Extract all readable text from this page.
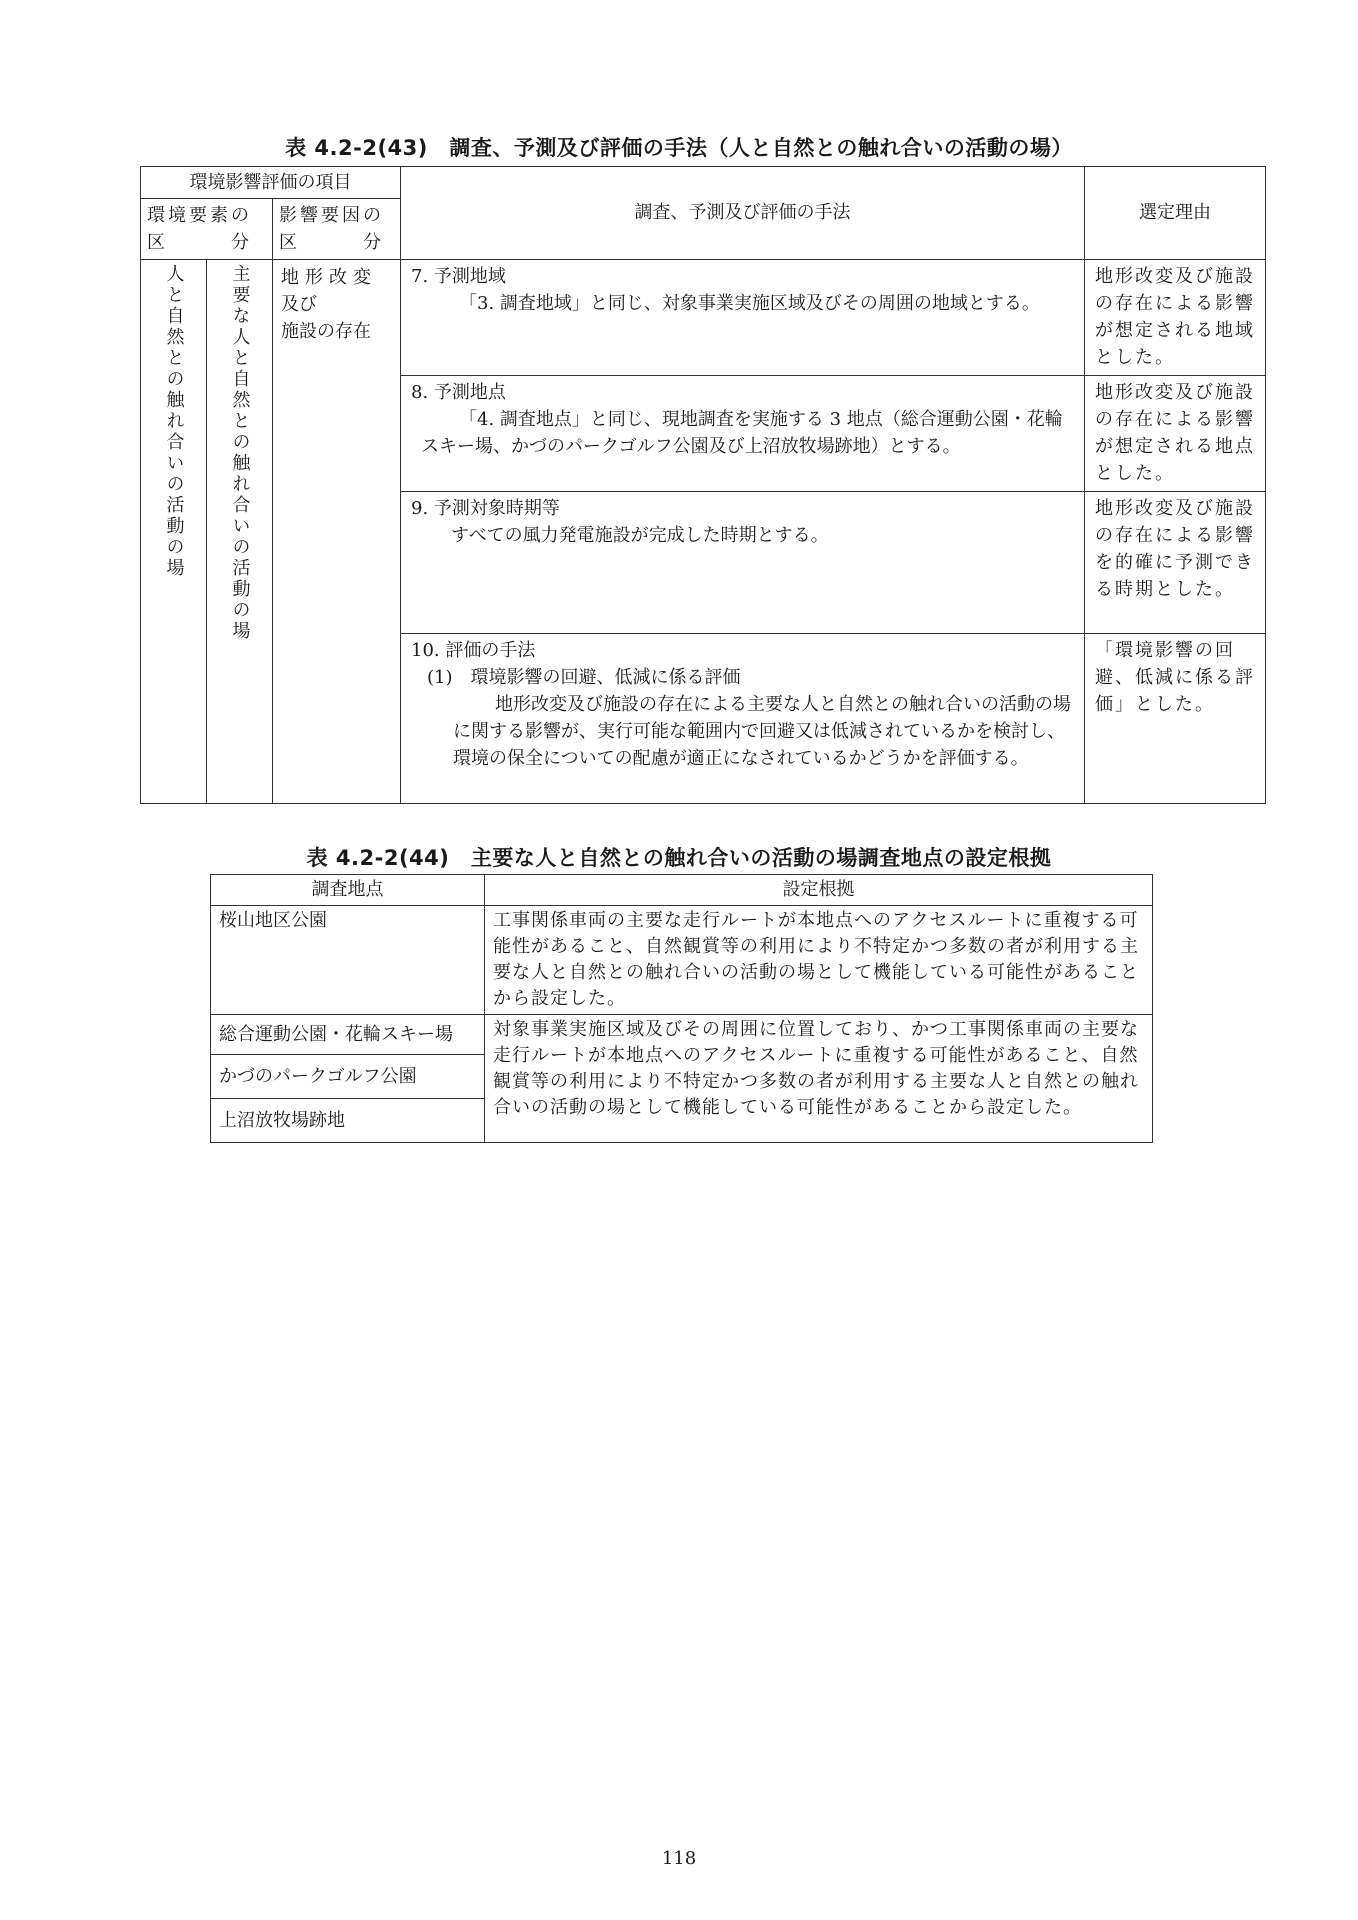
表 4.2-2(43)　調査、予測及び評価の手法（人と自然との触れ合いの活動の場）
環境影響評価の項目			調査、予測及び評価の手法	選定理由

環境要素の
区　　　分		影響要因の
区　　　分		

人と自然との触れ合いの活動の場	主要な人と自然との触れ合いの活動の場	地形改変
及び
施設の存在	7. 予測地域
「3. 調査地域」と同じ、対象事業実施区域及びその周囲の地域とする。	地形改変及び施設の存在による影響が想定される地域とした。

			8. 予測地点
「4. 調査地点」と同じ、現地調査を実施する 3 地点（総合運動公園・花輪スキー場、かづのパークゴルフ公園及び上沼放牧場跡地）とする。	地形改変及び施設の存在による影響が想定される地点とした。

			9. 予測対象時期等
すべての風力発電施設が完成した時期とする。	地形改変及び施設の存在による影響を的確に予測できる時期とした。

			10. 評価の手法
(1)　環境影響の回避、低減に係る評価
地形改変及び施設の存在による主要な人と自然との触れ合いの活動の場に関する影響が、実行可能な範囲内で回避又は低減されているかを検討し、環境の保全についての配慮が適正になされているかどうかを評価する。	「環境影響の回避、低減に係る評価」とした。
表 4.2-2(44)　主要な人と自然との触れ合いの活動の場調査地点の設定根拠
調査地点	設定根拠
桜山地区公園	工事関係車両の主要な走行ルートが本地点へのアクセスルートに重複する可能性があること、自然観賞等の利用により不特定かつ多数の者が利用する主要な人と自然との触れ合いの活動の場として機能している可能性があることから設定した。
総合運動公園・花輪スキー場	対象事業実施区域及びその周囲に位置しており、かつ工事関係車両の主要な走行ルートが本地点へのアクセスルートに重複する可能性があること、自然観賞等の利用により不特定かつ多数の者が利用する主要な人と自然との触れ合いの活動の場として機能している可能性があることから設定した。
かづのパークゴルフ公園	
上沼放牧場跡地	
118
